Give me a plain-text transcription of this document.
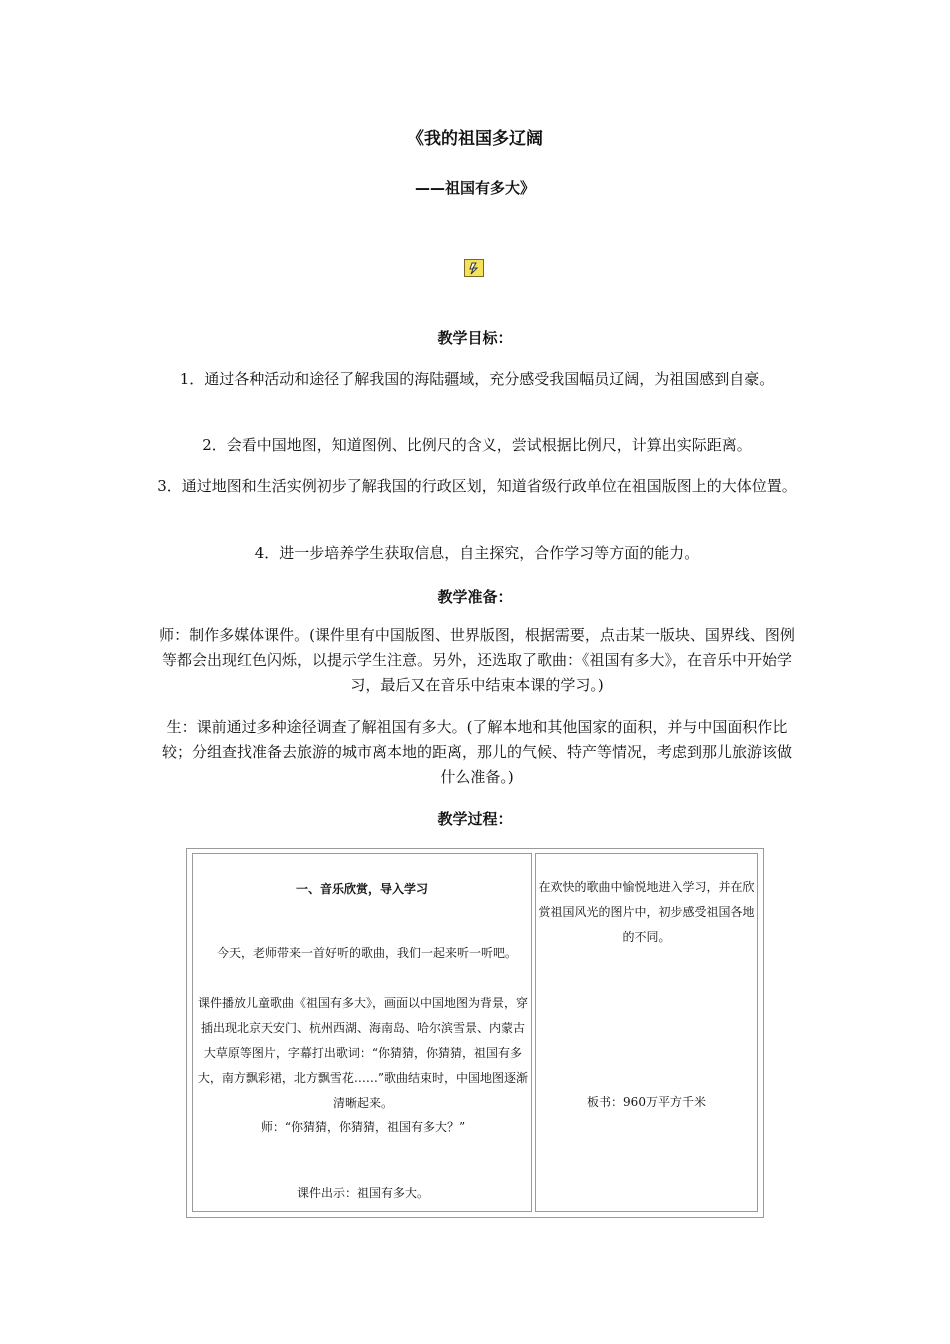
《我的祖国多辽阔
——祖国有多大》
教学目标：
1．通过各种活动和途径了解我国的海陆疆域，充分感受我国幅员辽阔，为祖国感到自豪。
2．会看中国地图，知道图例、比例尺的含义，尝试根据比例尺，计算出实际距离。
3．通过地图和生活实例初步了解我国的行政区划，知道省级行政单位在祖国版图上的大体位置。
4．进一步培养学生获取信息，自主探究，合作学习等方面的能力。
教学准备：
师：制作多媒体课件。(课件里有中国版图、世界版图，根据需要，点击某一版块、国界线、图例等都会出现红色闪烁，以提示学生注意。另外，还选取了歌曲：《祖国有多大》，在音乐中开始学习，最后又在音乐中结束本课的学习。)
生：课前通过多种途径调查了解祖国有多大。(了解本地和其他国家的面积，并与中国面积作比较；分组查找准备去旅游的城市离本地的距离，那儿的气候、特产等情况，考虑到那儿旅游该做什么准备。)
教学过程：
一、音乐欣赏，导入学习
今天，老师带来一首好听的歌曲，我们一起来听一听吧。
课件播放儿童歌曲《祖国有多大》，画面以中国地图为背景，穿插出现北京天安门、杭州西湖、海南岛、哈尔滨雪景、内蒙古大草原等图片，字幕打出歌词：“你猜猜，你猜猜，祖国有多大，南方飘彩裙，北方飘雪花……”歌曲结束时，中国地图逐渐清晰起来。
师：“你猜猜，你猜猜，祖国有多大？”
课件出示：祖国有多大。
在欢快的歌曲中愉悦地进入学习，并在欣赏祖国风光的图片中，初步感受祖国各地的不同。
板书：960万平方千米
